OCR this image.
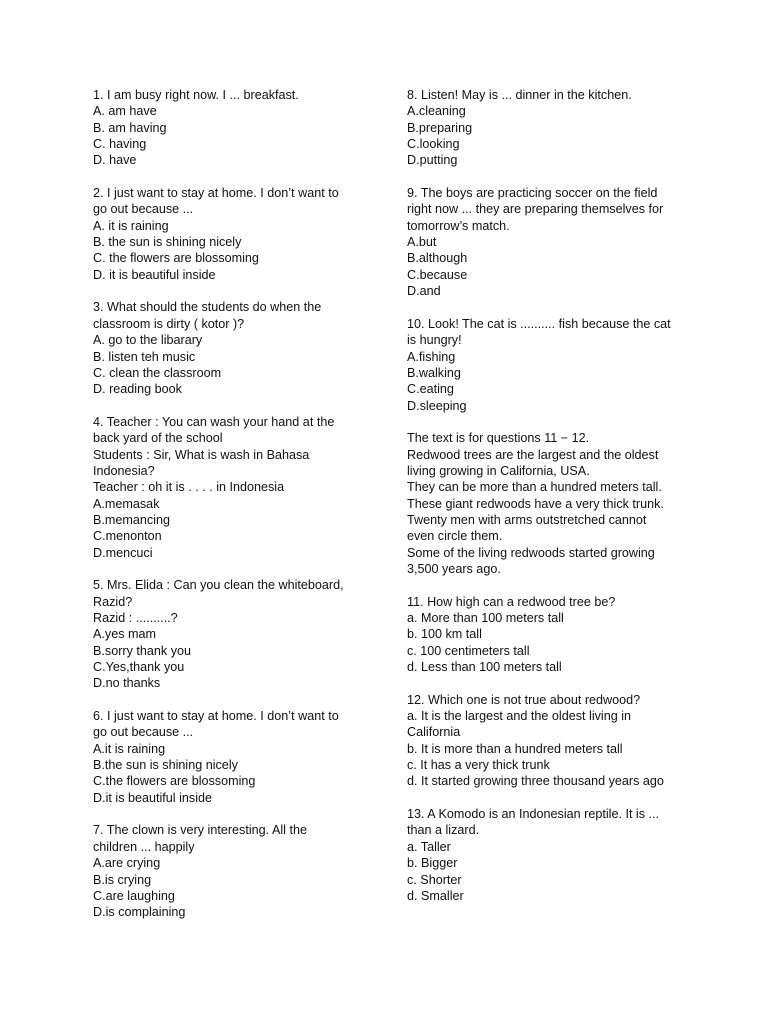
1. I am busy right now. I ... breakfast.

A. am have

B. am having

C. having

D. have

2. I just want to stay at home. I don’t want to

go out because ...

A. it is raining

B. the sun is shining nicely

C. the flowers are blossoming

D. it is beautiful inside

3. What should the students do when the

classroom is dirty ( kotor )?

A. go to the libarary

B. listen teh music

C. clean the classroom

D. reading book

4. Teacher : You can wash your hand at the

back yard of the school

Students : Sir, What is wash in Bahasa

Indonesia?

Teacher : oh it is . . . . in Indonesia

A.memasak

B.memancing

C.menonton

D.mencuci

5. Mrs. Elida : Can you clean the whiteboard,

Razid?

Razid : ..........?

A.yes mam

B.sorry thank you

C.Yes,thank you

D.no thanks

6. I just want to stay at home. I don’t want to

go out because ...

A.it is raining

B.the sun is shining nicely

C.the flowers are blossoming

D.it is beautiful inside

7. The clown is very interesting. All the

children ... happily

A.are crying

B.is crying

C.are laughing

D.is complaining

8. Listen! May is ... dinner in the kitchen.

A.cleaning

B.preparing

C.looking

D.putting

9. The boys are practicing soccer on the field

right now ... they are preparing themselves for

tomorrow’s match.

A.but

B.although

C.because

D.and

10. Look! The cat is .......... fish because the cat

is hungry!

A.fishing

B.walking

C.eating

D.sleeping

The text is for questions 11 − 12.

Redwood trees are the largest and the oldest

living growing in California, USA.

They can be more than a hundred meters tall.

These giant redwoods have a very thick trunk.

Twenty men with arms outstretched cannot

even circle them.

Some of the living redwoods started growing

3,500 years ago.

11. How high can a redwood tree be?

a. More than 100 meters tall

b. 100 km tall

c. 100 centimeters tall

d. Less than 100 meters tall

12. Which one is not true about redwood?

a. It is the largest and the oldest living in

California

b. It is more than a hundred meters tall

c. It has a very thick trunk

d. It started growing three thousand years ago

13. A Komodo is an Indonesian reptile. It is ...

than a lizard.

a. Taller

b. Bigger

c. Shorter

d. Smaller
